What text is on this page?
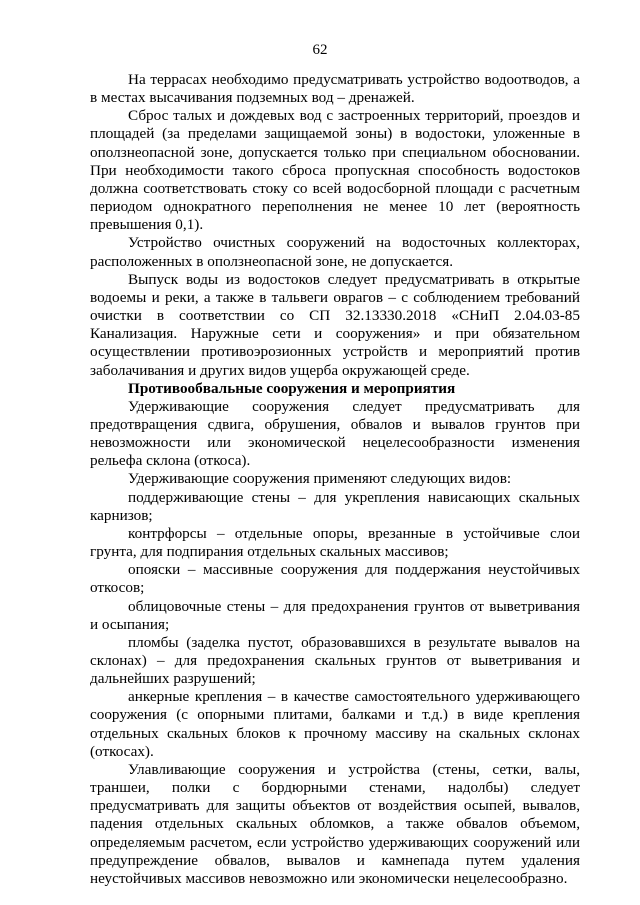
62

На террасах необходимо предусматривать устройство водоотводов, а в местах высачивания подземных вод – дренажей.

Сброс талых и дождевых вод с застроенных территорий, проездов и площадей (за пределами защищаемой зоны) в водостоки, уложенные в оползнеопасной зоне, допускается только при специальном обосновании. При необходимости такого сброса пропускная способность водостоков должна соответствовать стоку со всей водосборной площади с расчетным периодом однократного переполнения не менее 10 лет (вероятность превышения 0,1).

Устройство очистных сооружений на водосточных коллекторах, расположенных в оползнеопасной зоне, не допускается.

Выпуск воды из водостоков следует предусматривать в открытые водоемы и реки, а также в тальвеги оврагов – с соблюдением требований очистки в соответствии со СП 32.13330.2018 «СНиП 2.04.03-85 Канализация. Наружные сети и сооружения» и при обязательном осуществлении противоэрозионных устройств и мероприятий против заболачивания и других видов ущерба окружающей среде.

Противообвальные сооружения и мероприятия

Удерживающие сооружения следует предусматривать для предотвращения сдвига, обрушения, обвалов и вывалов грунтов при невозможности или экономической нецелесообразности изменения рельефа склона (откоса).

Удерживающие сооружения применяют следующих видов:

поддерживающие стены – для укрепления нависающих скальных карнизов;

контрфорсы – отдельные опоры, врезанные в устойчивые слои грунта, для подпирания отдельных скальных массивов;

опояски – массивные сооружения для поддержания неустойчивых откосов;

облицовочные стены – для предохранения грунтов от выветривания и осыпания;

пломбы (заделка пустот, образовавшихся в результате вывалов на склонах) – для предохранения скальных грунтов от выветривания и дальнейших разрушений;

анкерные крепления – в качестве самостоятельного удерживающего сооружения (с опорными плитами, балками и т.д.) в виде крепления отдельных скальных блоков к прочному массиву на скальных склонах (откосах).

Улавливающие сооружения и устройства (стены, сетки, валы, траншеи, полки с бордюрными стенами, надолбы) следует предусматривать для защиты объектов от воздействия осыпей, вывалов, падения отдельных скальных обломков, а также обвалов объемом, определяемым расчетом, если устройство удерживающих сооружений или предупреждение обвалов, вывалов и камнепада путем удаления неустойчивых массивов невозможно или экономически нецелесообразно.
